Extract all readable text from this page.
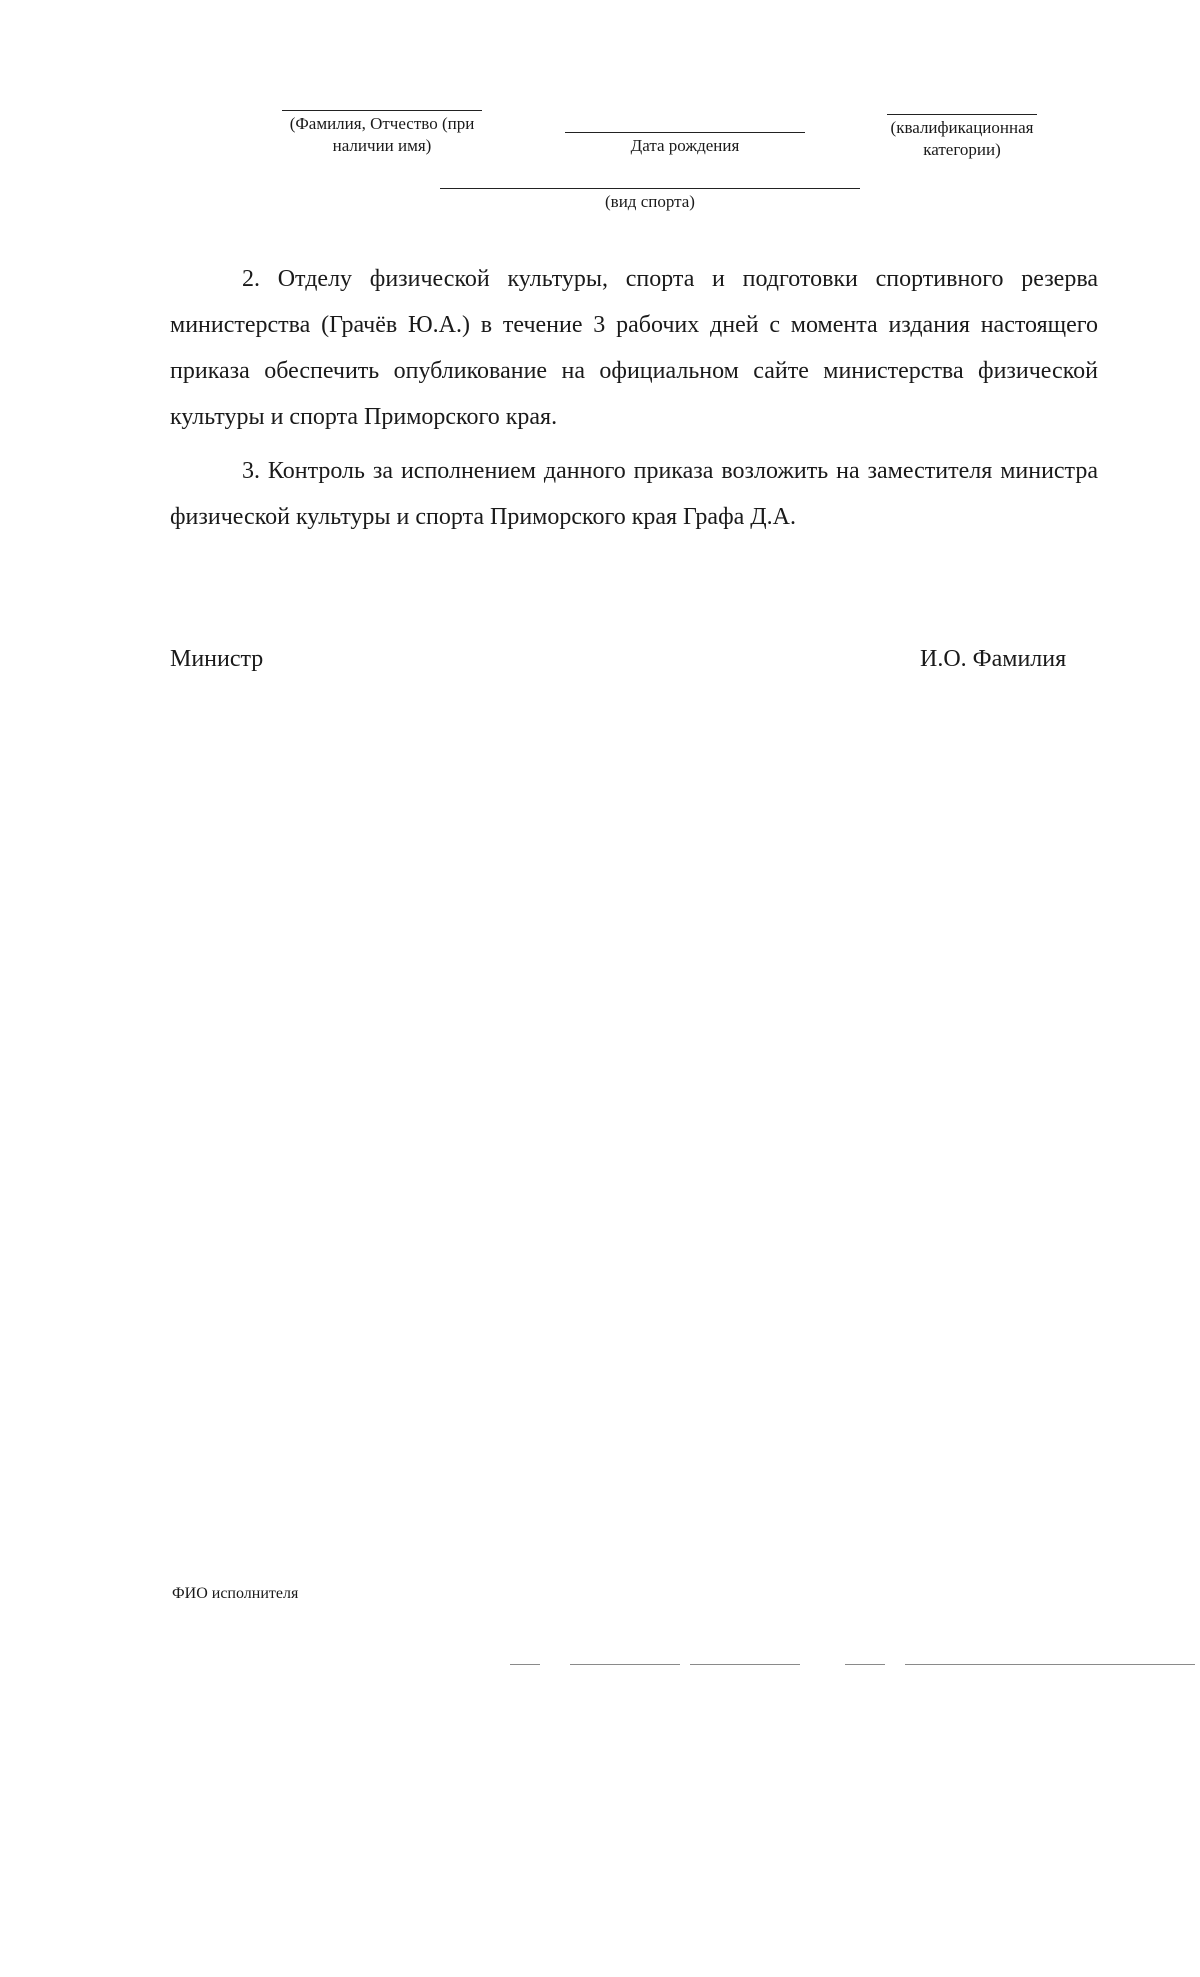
(Фамилия, Отчество (при наличии имя)	Дата рождения
(квалификационная категории)
(вид спорта)

2. Отделу физической культуры, спорта и подготовки спортивного резерва министерства (Грачёв Ю.А.) в течение 3 рабочих дней с момента издания настоящего приказа обеспечить опубликование на официальном сайте министерства физической культуры и спорта Приморского края.

3. Контроль за исполнением данного приказа возложить на заместителя министра физической культуры и спорта Приморского края Графа Д.А.

Министр	И.О. Фамилия
ФИО исполнителя
